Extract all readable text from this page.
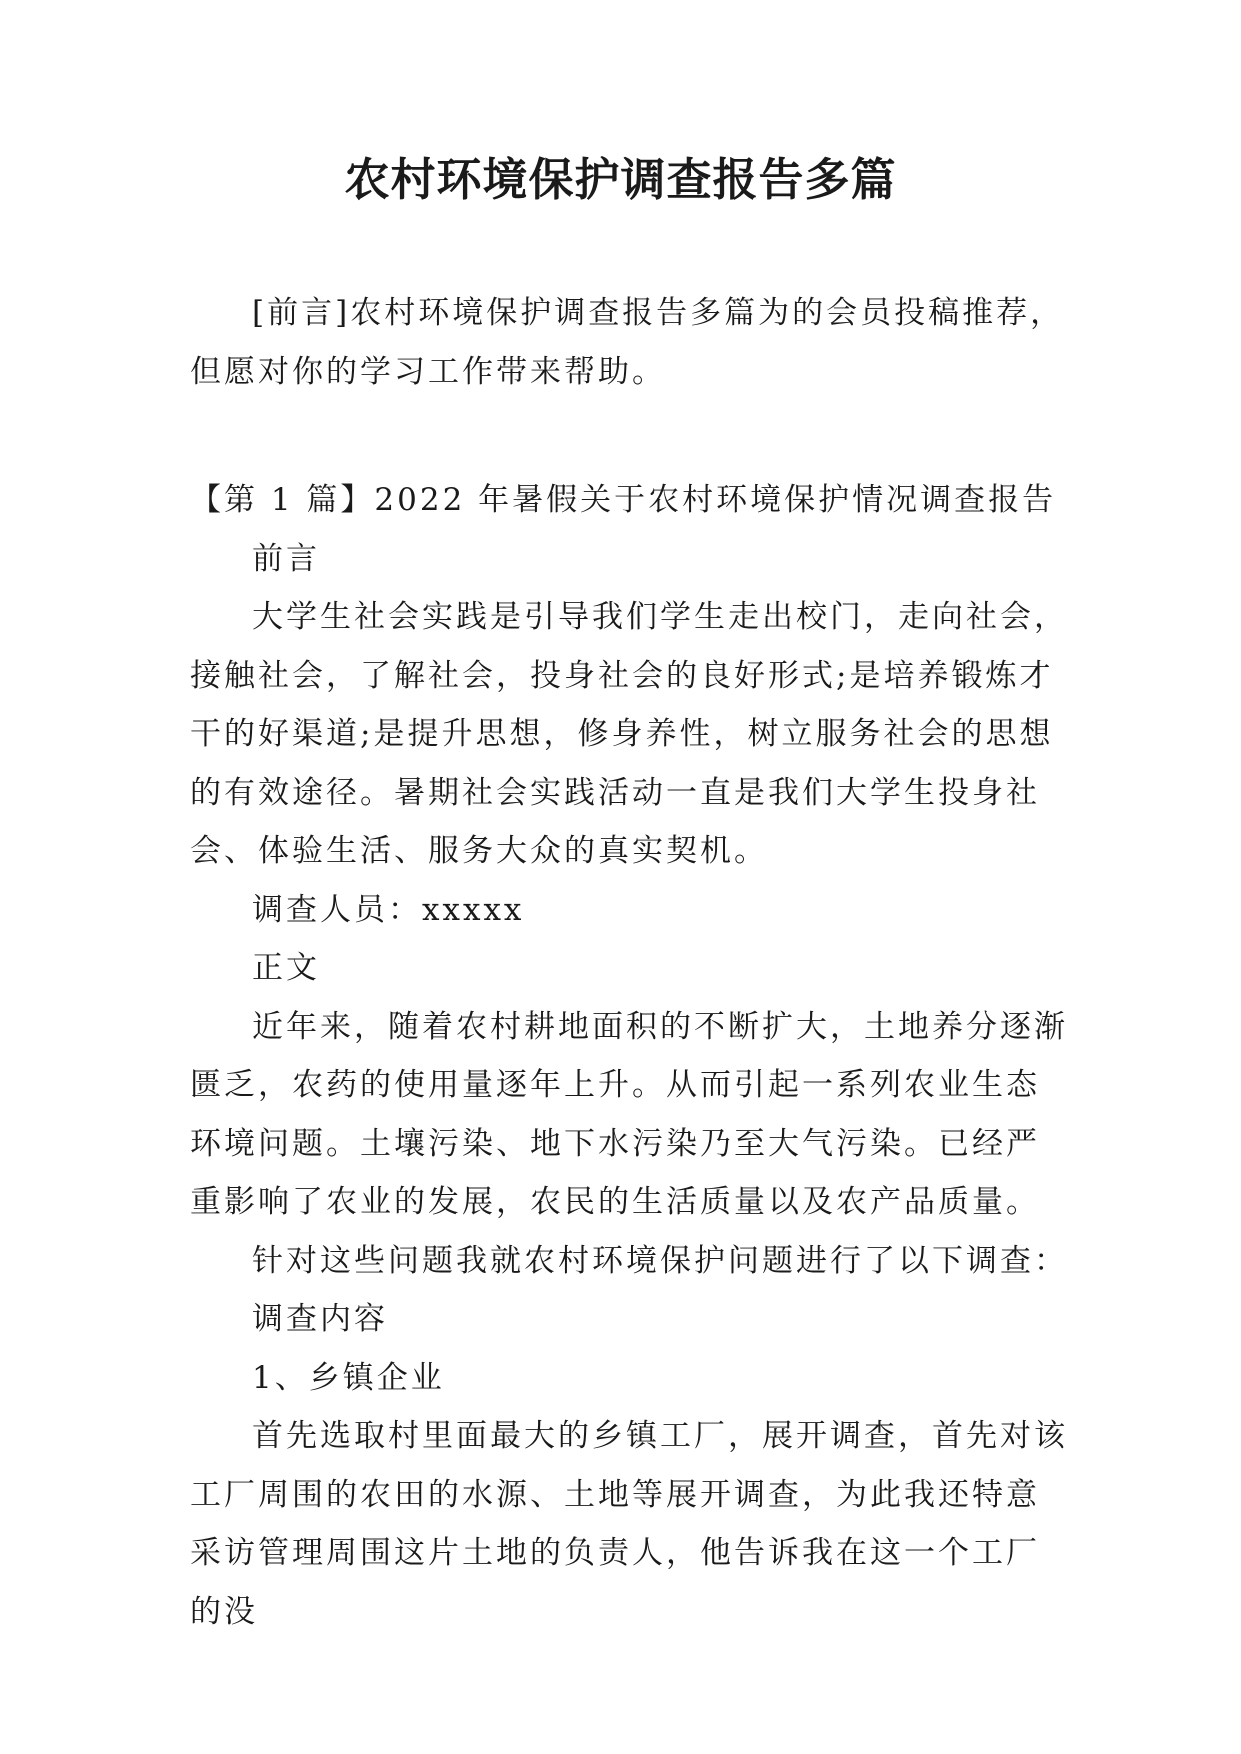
农村环境保护调查报告多篇

[前言]农村环境保护调查报告多篇为的会员投稿推荐，但愿对你的学习工作带来帮助。

【第 1 篇】2022 年暑假关于农村环境保护情况调查报告

前言

大学生社会实践是引导我们学生走出校门，走向社会，接触社会，了解社会，投身社会的良好形式;是培养锻炼才干的好渠道;是提升思想，修身养性，树立服务社会的思想的有效途径。暑期社会实践活动一直是我们大学生投身社会、体验生活、服务大众的真实契机。

调查人员：xxxxx

正文

近年来，随着农村耕地面积的不断扩大，土地养分逐渐匮乏，农药的使用量逐年上升。从而引起一系列农业生态环境问题。土壤污染、地下水污染乃至大气污染。已经严重影响了农业的发展，农民的生活质量以及农产品质量。

针对这些问题我就农村环境保护问题进行了以下调查：

调查内容

1、乡镇企业

首先选取村里面最大的乡镇工厂，展开调查，首先对该工厂周围的农田的水源、土地等展开调查，为此我还特意采访管理周围这片土地的负责人，他告诉我在这一个工厂的没
